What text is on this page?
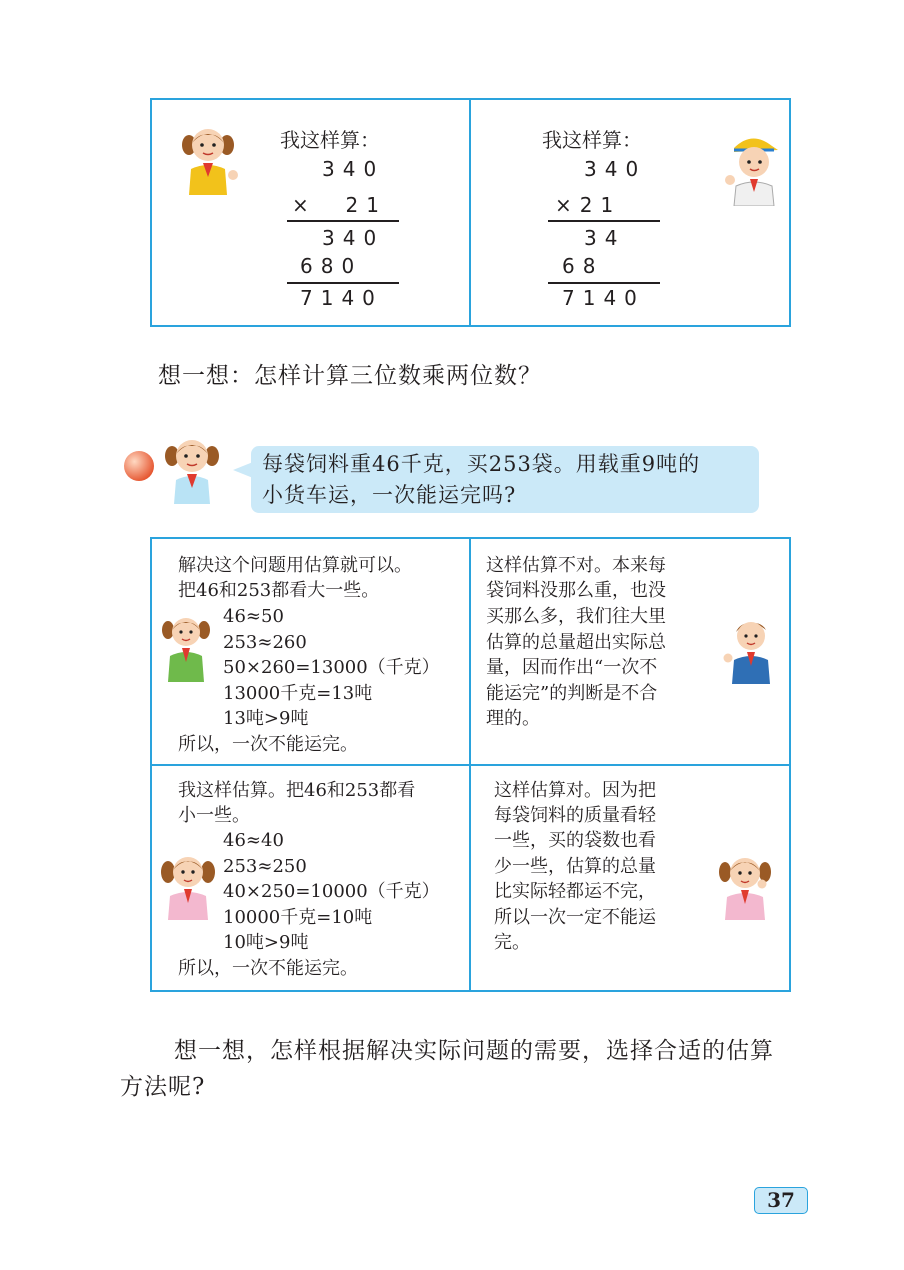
我这样算：
340
×  21
340
680
7140
我这样算：
340
×21
34
68
7140
想一想：怎样计算三位数乘两位数？
每袋饲料重46千克，买253袋。用载重9吨的
小货车运，一次能运完吗?
解决这个问题用估算就可以。
把46和253都看大一些。
46≈50
253≈260
50×260=13000（千克）
13000千克=13吨
13吨>9吨
所以，一次不能运完。
这样估算不对。本来每
袋饲料没那么重，也没
买那么多，我们往大里
估算的总量超出实际总
量，因而作出“一次不
能运完”的判断是不合
理的。
我这样估算。把46和253都看
小一些。
46≈40
253≈250
40×250=10000（千克）
10000千克=10吨
10吨>9吨
所以，一次不能运完。
这样估算对。因为把
每袋饲料的质量看轻
一些，买的袋数也看
少一些，估算的总量
比实际轻都运不完，
所以一次一定不能运
完。
想一想，怎样根据解决实际问题的需要，选择合适的估算
方法呢?
37
